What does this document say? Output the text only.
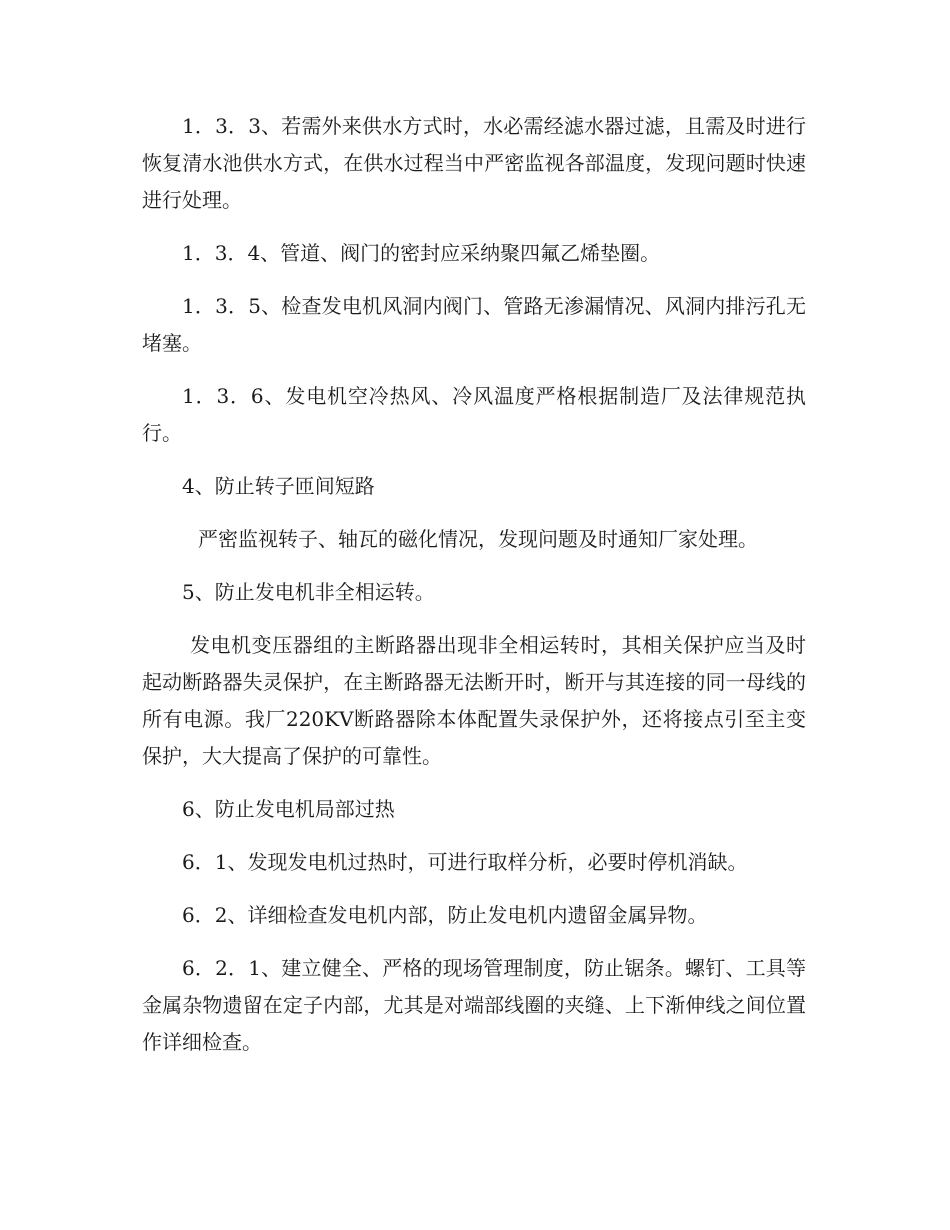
1．3．3、若需外来供水方式时，水必需经滤水器过滤，且需及时进行恢复清水池供水方式，在供水过程当中严密监视各部温度，发现问题时快速进行处理。

1．3．4、管道、阀门的密封应采纳聚四氟乙烯垫圈。

1．3．5、检查发电机风洞内阀门、管路无渗漏情况、风洞内排污孔无堵塞。

1．3．6、发电机空冷热风、冷风温度严格根据制造厂及法律规范执行。

4、防止转子匝间短路

严密监视转子、轴瓦的磁化情况，发现问题及时通知厂家处理。

5、防止发电机非全相运转。

发电机变压器组的主断路器出现非全相运转时，其相关保护应当及时起动断路器失灵保护，在主断路器无法断开时，断开与其连接的同一母线的所有电源。我厂220KV断路器除本体配置失录保护外，还将接点引至主变保护，大大提高了保护的可靠性。

6、防止发电机局部过热

6．1、发现发电机过热时，可进行取样分析，必要时停机消缺。

6．2、详细检查发电机内部，防止发电机内遗留金属异物。

6．2．1、建立健全、严格的现场管理制度，防止锯条。螺钉、工具等金属杂物遗留在定子内部，尤其是对端部线圈的夹缝、上下渐伸线之间位置作详细检查。
